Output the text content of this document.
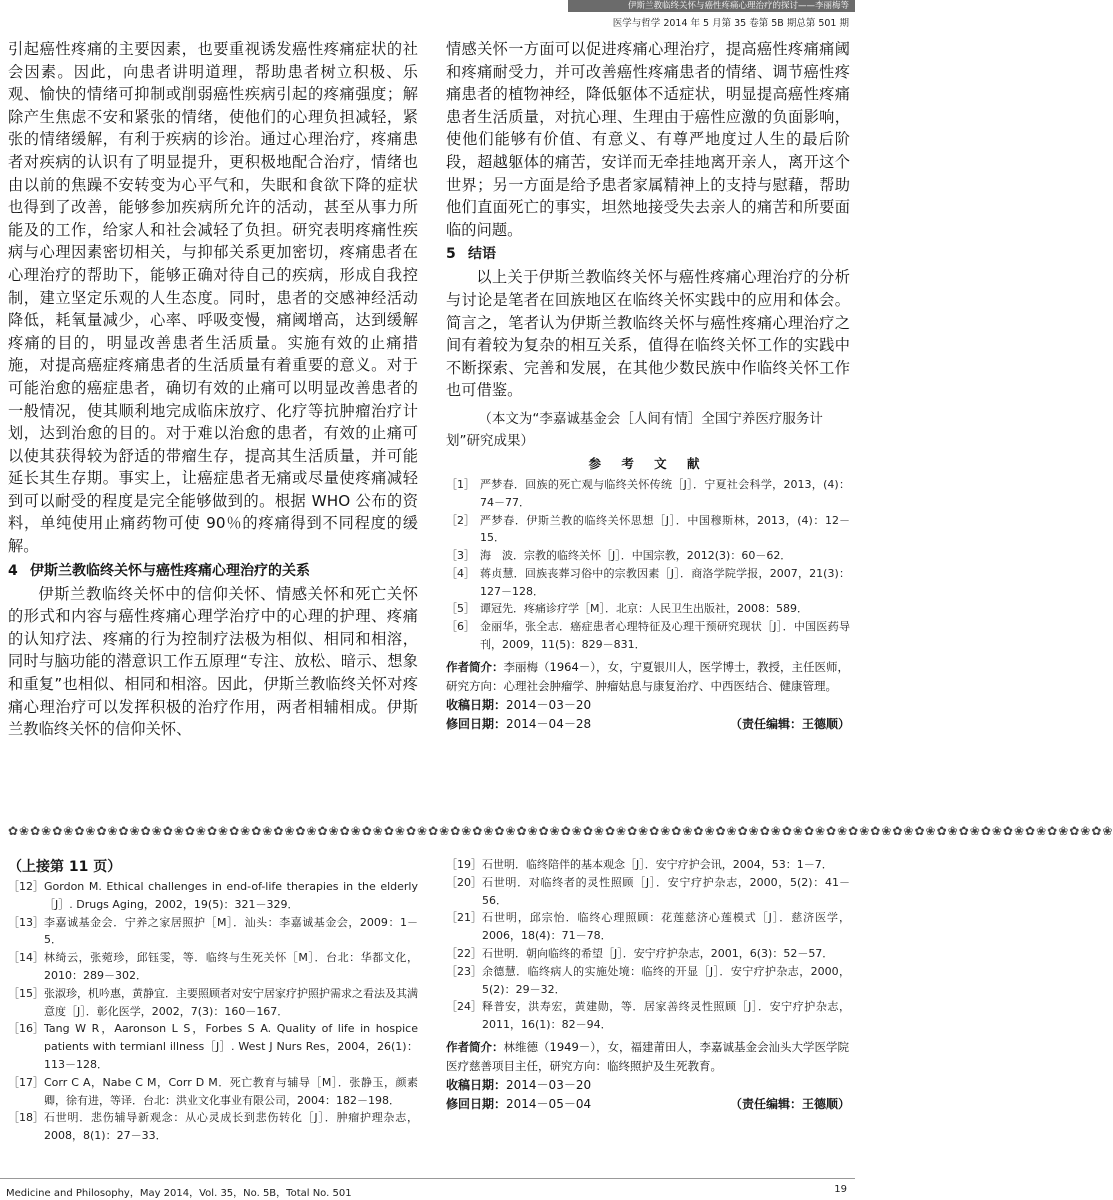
伊斯兰教临终关怀与癌性疼痛心理治疗的探讨——李丽梅等
医学与哲学 2014 年 5 月第 35 卷第 5B 期总第 501 期

引起癌性疼痛的主要因素，也要重视诱发癌性疼痛症状的社会因素。因此，向患者讲明道理，帮助患者树立积极、乐观、愉快的情绪可抑制或削弱癌性疾病引起的疼痛强度；解除产生焦虑不安和紧张的情绪，使他们的心理负担减轻，紧张的情绪缓解，有利于疾病的诊治。通过心理治疗，疼痛患者对疾病的认识有了明显提升，更积极地配合治疗，情绪也由以前的焦躁不安转变为心平气和，失眠和食欲下降的症状也得到了改善，能够参加疾病所允许的活动，甚至从事力所能及的工作，给家人和社会减轻了负担。研究表明疼痛性疾病与心理因素密切相关，与抑郁关系更加密切，疼痛患者在心理治疗的帮助下，能够正确对待自己的疾病，形成自我控制，建立坚定乐观的人生态度。同时，患者的交感神经活动降低，耗氧量减少，心率、呼吸变慢，痛阈增高，达到缓解疼痛的目的，明显改善患者生活质量。实施有效的止痛措施，对提高癌症疼痛患者的生活质量有着重要的意义。对于可能治愈的癌症患者，确切有效的止痛可以明显改善患者的一般情况，使其顺利地完成临床放疗、化疗等抗肿瘤治疗计划，达到治愈的目的。对于难以治愈的患者，有效的止痛可以使其获得较为舒适的带瘤生存，提高其生活质量，并可能延长其生存期。事实上，让癌症患者无痛或尽量使疼痛减轻到可以耐受的程度是完全能够做到的。根据 WHO 公布的资料，单纯使用止痛药物可使 90％的疼痛得到不同程度的缓解。

4 伊斯兰教临终关怀与癌性疼痛心理治疗的关系

伊斯兰教临终关怀中的信仰关怀、情感关怀和死亡关怀的形式和内容与癌性疼痛心理学治疗中的心理的护理、疼痛的认知疗法、疼痛的行为控制疗法极为相似、相同和相溶，同时与脑功能的潜意识工作五原理“专注、放松、暗示、想象和重复”也相似、相同和相溶。因此，伊斯兰教临终关怀对疼痛心理治疗可以发挥积极的治疗作用，两者相辅相成。伊斯兰教临终关怀的信仰关怀、

情感关怀一方面可以促进疼痛心理治疗，提高癌性疼痛痛阈和疼痛耐受力，并可改善癌性疼痛患者的情绪、调节癌性疼痛患者的植物神经，降低躯体不适症状，明显提高癌性疼痛患者生活质量，对抗心理、生理由于癌性应激的负面影响，使他们能够有价值、有意义、有尊严地度过人生的最后阶段，超越躯体的痛苦，安详而无牵挂地离开亲人，离开这个世界；另一方面是给予患者家属精神上的支持与慰藉，帮助他们直面死亡的事实，坦然地接受失去亲人的痛苦和所要面临的问题。

5 结语

以上关于伊斯兰教临终关怀与癌性疼痛心理治疗的分析与讨论是笔者在回族地区在临终关怀实践中的应用和体会。简言之，笔者认为伊斯兰教临终关怀与癌性疼痛心理治疗之间有着较为复杂的相互关系，值得在临终关怀工作的实践中不断探索、完善和发展，在其他少数民族中作临终关怀工作也可借鉴。

（本文为“李嘉诚基金会［人间有情］全国宁养医疗服务计划”研究成果）

参 考 文 献
［1］ 严梦春．回族的死亡观与临终关怀传统［J］．宁夏社会科学，2013，(4)：74－77．
［2］ 严梦春．伊斯兰教的临终关怀思想［J］．中国穆斯林，2013，(4)：12－15．
［3］ 海　波．宗教的临终关怀［J］．中国宗教，2012(3)：60－62．
［4］ 蒋贞慧．回族丧葬习俗中的宗教因素［J］．商洛学院学报，2007，21(3)：127－128．
［5］ 谭冠先．疼痛诊疗学［M］．北京：人民卫生出版社，2008：589．
［6］ 金丽华，张全志．癌症患者心理特征及心理干预研究现状［J］．中国医药导刊，2009，11(5)：829－831．

作者简介：李丽梅（1964－），女，宁夏银川人，医学博士，教授，主任医师，研究方向：心理社会肿瘤学、肿瘤姑息与康复治疗、中西医结合、健康管理。

收稿日期：2014－03－20
修回日期：2014－04－28	（责任编辑：王德顺）
✿❀✿❀✿❀✿❀✿❀✿❀✿❀✿❀✿❀✿❀✿❀✿❀✿❀✿❀✿❀✿❀✿❀✿❀✿❀✿❀✿❀✿❀✿❀✿❀✿❀✿❀✿❀✿❀✿❀✿❀✿❀✿❀✿❀✿❀✿❀✿❀✿❀✿❀✿❀✿❀✿❀✿❀✿❀✿❀✿❀✿❀✿❀✿❀✿❀✿❀
（上接第 11 页）
［12］ Gordon M. Ethical challenges in end-of-life therapies in the elderly［J］. Drugs Aging，2002，19(5)：321－329．
［13］ 李嘉诚基金会．宁养之家居照护［M］．汕头：李嘉诚基金会，2009：1－5．
［14］ 林绮云，张菀珍，邱钰雯，等．临终与生死关怀［M］．台北：华都文化，2010：289－302．
［15］ 张淑珍，机吟惠，黄静宜．主要照顾者对安宁居家疗护照护需求之看法及其满意度［J］．彰化医学，2002，7(3)：160－167．
［16］ Tang W R，Aaronson L S，Forbes S A. Quality of life in hospice patients with termianl illness［J］. West J Nurs Res，2004，26(1)：113－128．
［17］ Corr C A，Nabe C M，Corr D M．死亡教育与辅导［M］．张静玉，颜素卿，徐有进，等译．台北：洪业文化事业有限公司，2004：182－198．
［18］ 石世明．悲伤辅导新观念：从心灵成长到悲伤转化［J］．肿瘤护理杂志，2008，8(1)：27－33．
［19］ 石世明．临终陪伴的基本观念［J］．安宁疗护会讯，2004，53：1－7．
［20］ 石世明．对临终者的灵性照顾［J］．安宁疗护杂志，2000，5(2)：41－56．
［21］ 石世明，邱宗怡．临终心理照顾：花莲慈济心莲模式［J］．慈济医学，2006，18(4)：71－78．
［22］ 石世明．朝向临终的希望［J］．安宁疗护杂志，2001，6(3)：52－57．
［23］ 余德慧．临终病人的实施处境：临终的开显［J］．安宁疗护杂志，2000，5(2)：29－32．
［24］ 释普安，洪寿宏，黄建勋，等．居家善终灵性照顾［J］．安宁疗护杂志，2011，16(1)：82－94．

作者简介：林维德（1949－），女，福建莆田人，李嘉诚基金会汕头大学医学院医疗慈善项目主任，研究方向：临终照护及生死教育。

收稿日期：2014－03－20
修回日期：2014－05－04	（责任编辑：王德顺）
Medicine and Philosophy，May 2014，Vol. 35，No. 5B，Total No. 501	19
